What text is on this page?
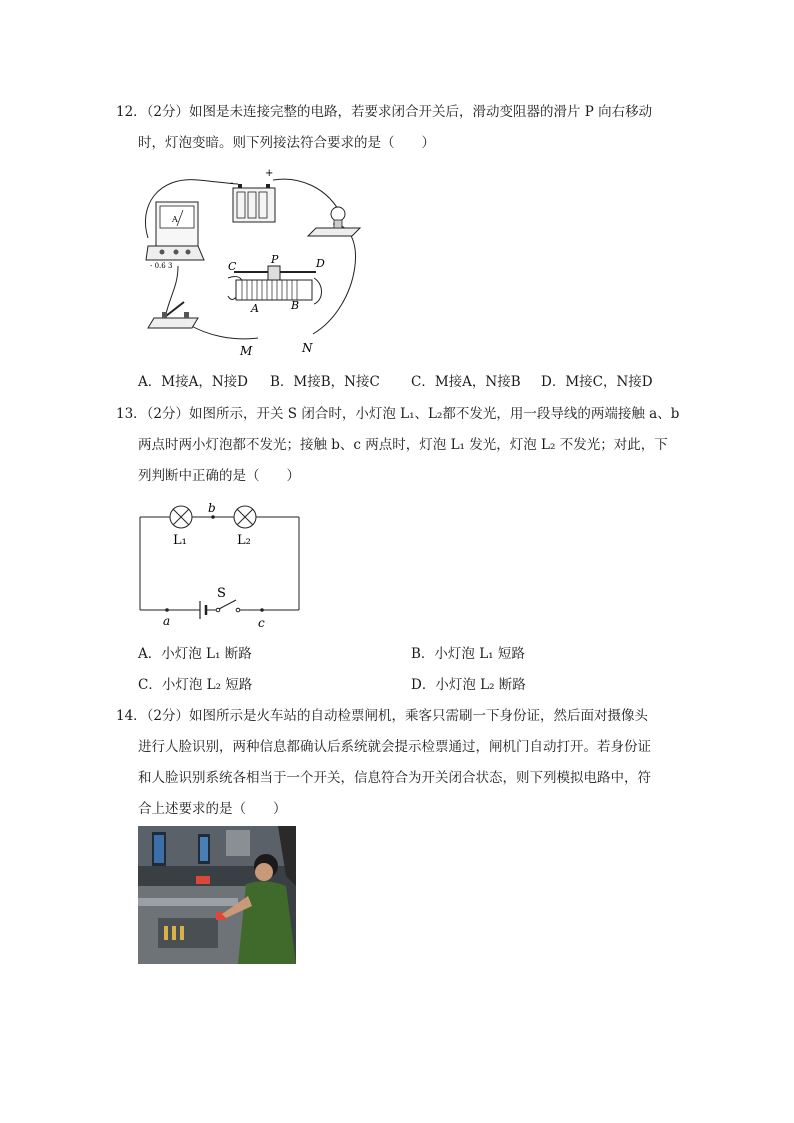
12．（2分）如图是未连接完整的电路，若要求闭合开关后，滑动变阻器的滑片 P 向右移动
时，灯泡变暗。则下列接法符合要求的是（　　）
-
+
A
- 0.6 3	C
P	D
A	B
M	N
A．M接A，N接D B．M接B，N接C C．M接A，N接B D．M接C，N接D
13．（2分）如图所示，开关 S 闭合时，小灯泡 L₁、L₂都不发光，用一段导线的两端接触 a、b
两点时两小灯泡都不发光；接触 b、c 两点时，灯泡 L₁ 发光，灯泡 L₂ 不发光；对此，下
列判断中正确的是（　　）
b
L₁	L₂
S
a	c
A．小灯泡 L₁ 断路	B．小灯泡 L₁ 短路
C．小灯泡 L₂ 短路	D．小灯泡 L₂ 断路
14．（2分）如图所示是火车站的自动检票闸机，乘客只需刷一下身份证，然后面对摄像头
进行人脸识别，两种信息都确认后系统就会提示检票通过，闸机门自动打开。若身份证
和人脸识别系统各相当于一个开关，信息符合为开关闭合状态，则下列模拟电路中，符
合上述要求的是（　　）
